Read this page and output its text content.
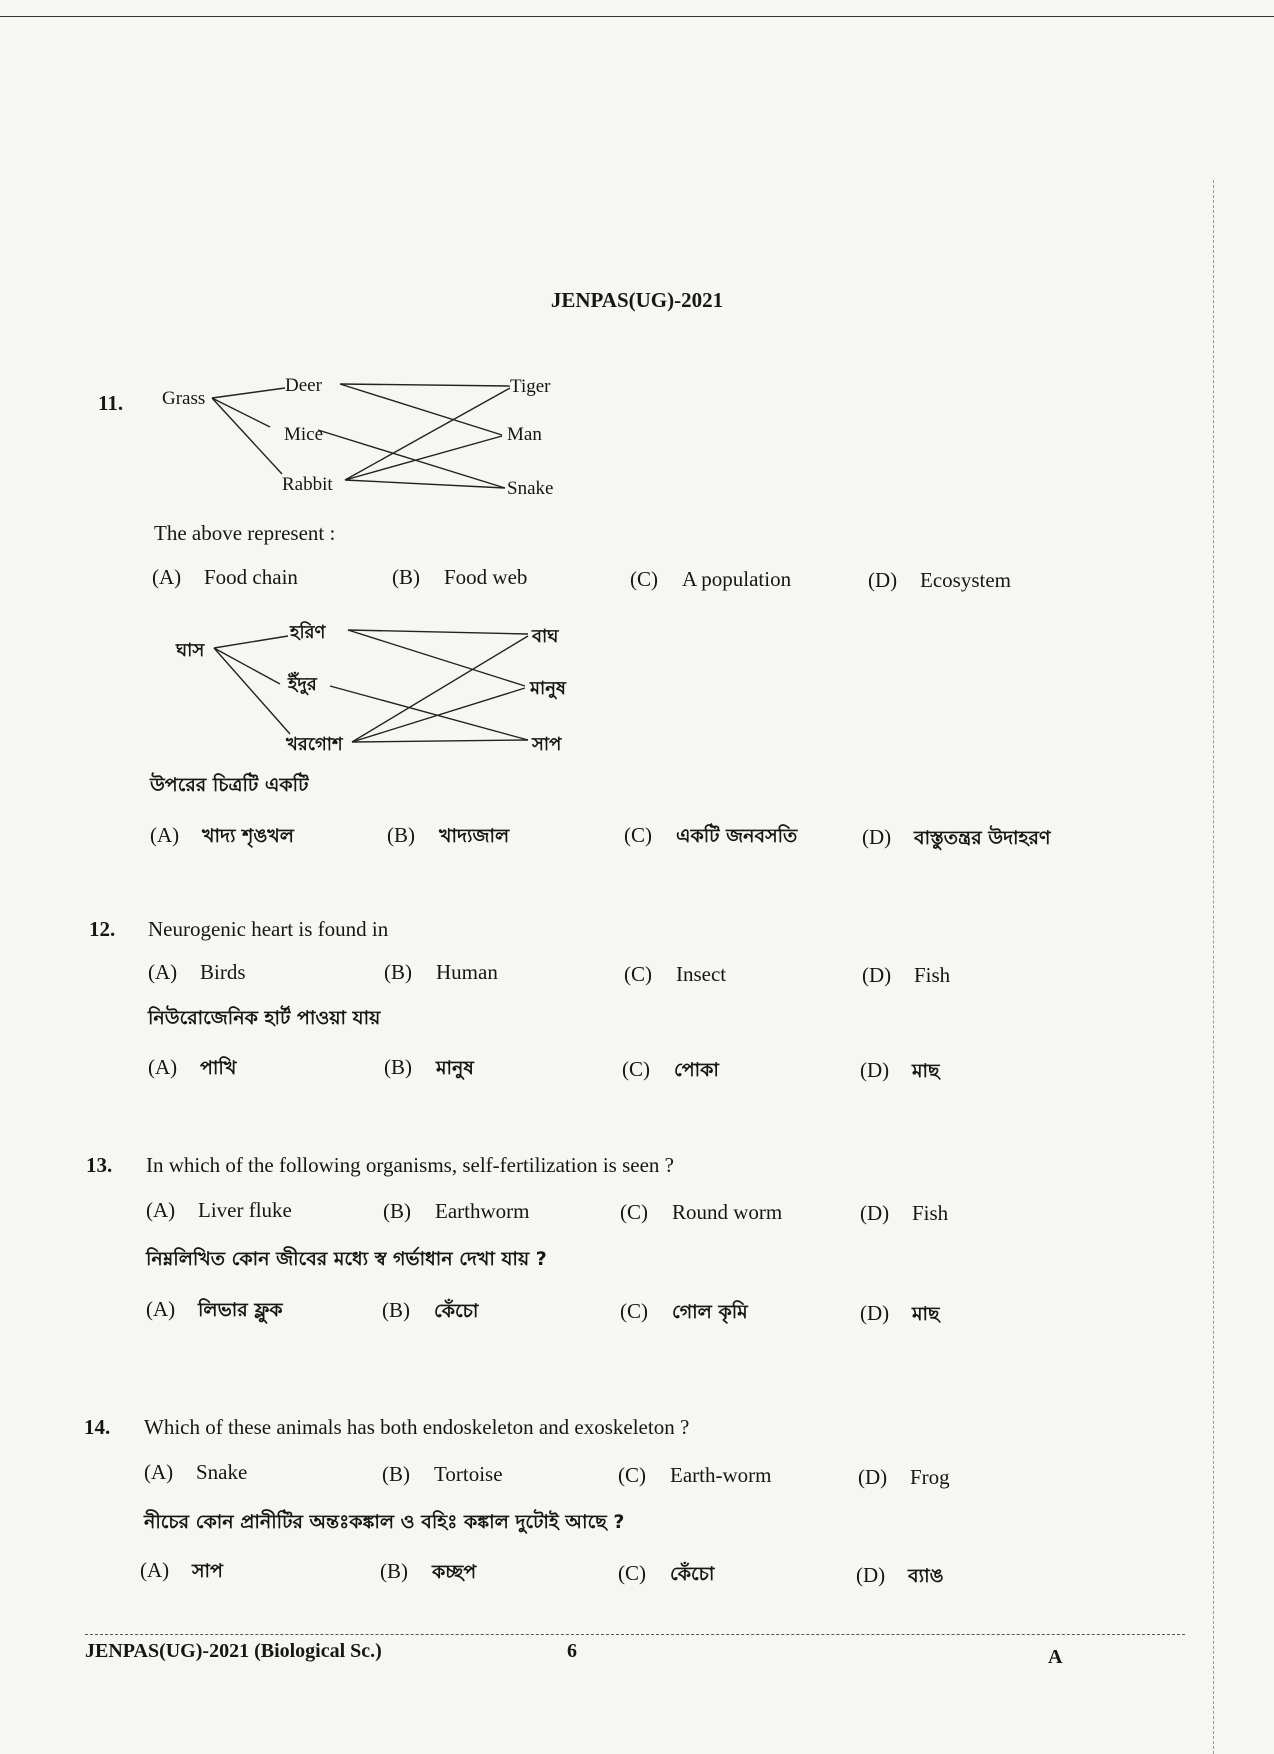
JENPAS(UG)-2021
11. Grass
Deer
Mice
Rabbit
Tiger
Man
Snake
The above represent :
(A) Food chain	(B) Food web	(C) A population	(D) Ecosystem
ঘাস
হরিণ
ইঁদুর
খরগোশ
বাঘ
মানুষ
সাপ
উপরের চিত্রটি একটি
(A) খাদ্য শৃঙখল	(B) খাদ্যজাল	(C) একটি জনবসতি	(D) বাস্তুতন্ত্রর উদাহরণ
12. Neurogenic heart is found in
(A) Birds	(B) Human	(C) Insect	(D) Fish
নিউরোজেনিক হার্ট পাওয়া যায়
(A) পাখি	(B) মানুষ	(C) পোকা	(D) মাছ
13. In which of the following organisms, self-fertilization is seen ?
(A) Liver fluke	(B) Earthworm	(C) Round worm	(D) Fish
নিম্নলিখিত কোন জীবের মধ্যে স্ব গর্ভাধান দেখা যায় ?
(A) লিভার ফ্লুক	(B) কেঁচো	(C) গোল কৃমি	(D) মাছ
14. Which of these animals has both endoskeleton and exoskeleton ?
(A) Snake	(B) Tortoise	(C) Earth-worm	(D) Frog
নীচের কোন প্রানীটির অন্তঃকঙ্কাল ও বহিঃ কঙ্কাল দুটোই আছে ?
(A) সাপ	(B) কচ্ছপ	(C) কেঁচো	(D) ব্যাঙ
JENPAS(UG)-2021 (Biological Sc.)	6	A
